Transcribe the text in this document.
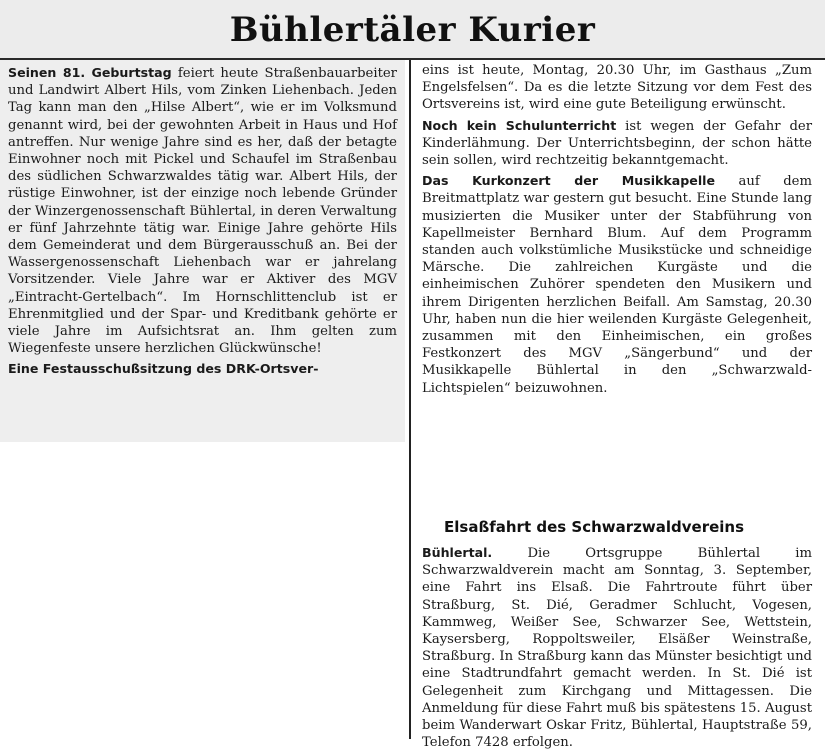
Bühlertäler Kurier

Seinen 81. Geburtstag feiert heute Straßenbauarbeiter und Landwirt Albert Hils, vom Zinken Liehenbach. Jeden Tag kann man den „Hilse Albert“, wie er im Volksmund genannt wird, bei der gewohnten Arbeit in Haus und Hof antreffen. Nur wenige Jahre sind es her, daß der betagte Einwohner noch mit Pickel und Schaufel im Straßenbau des südlichen Schwarzwaldes tätig war. Albert Hils, der rüstige Einwohner, ist der einzige noch lebende Gründer der Winzergenossenschaft Bühlertal, in deren Verwaltung er fünf Jahrzehnte tätig war. Einige Jahre gehörte Hils dem Gemeinderat und dem Bürgerausschuß an. Bei der Wassergenossenschaft Liehenbach war er jahrelang Vorsitzender. Viele Jahre war er Aktiver des MGV „Eintracht-Gertelbach“. Im Hornschlittenclub ist er Ehrenmitglied und der Spar- und Kreditbank gehörte er viele Jahre im Aufsichtsrat an. Ihm gelten zum Wiegenfeste unsere herzlichen Glückwünsche!

Eine Festausschußsitzung des DRK-Ortsver-

eins ist heute, Montag, 20.30 Uhr, im Gasthaus „Zum Engelsfelsen“. Da es die letzte Sitzung vor dem Fest des Ortsvereins ist, wird eine gute Beteiligung erwünscht.

Noch kein Schulunterricht ist wegen der Gefahr der Kinderlähmung. Der Unterrichtsbeginn, der schon hätte sein sollen, wird rechtzeitig bekanntgemacht.

Das Kurkonzert der Musikkapelle auf dem Breitmattplatz war gestern gut besucht. Eine Stunde lang musizierten die Musiker unter der Stabführung von Kapellmeister Bernhard Blum. Auf dem Programm standen auch volkstümliche Musikstücke und schneidige Märsche. Die zahlreichen Kurgäste und die einheimischen Zuhörer spendeten den Musikern und ihrem Dirigenten herzlichen Beifall. Am Samstag, 20.30 Uhr, haben nun die hier weilenden Kurgäste Gelegenheit, zusammen mit den Einheimischen, ein großes Festkonzert des MGV „Sängerbund“ und der Musikkapelle Bühlertal in den „Schwarzwald-Lichtspielen“ beizuwohnen.

Elsaßfahrt des Schwarzwaldvereins

Bühlertal. Die Ortsgruppe Bühlertal im Schwarzwaldverein macht am Sonntag, 3. September, eine Fahrt ins Elsaß. Die Fahrtroute führt über Straßburg, St. Dié, Geradmer Schlucht, Vogesen, Kammweg, Weißer See, Schwarzer See, Wettstein, Kaysersberg, Roppoltsweiler, Elsäßer Weinstraße, Straßburg. In Straßburg kann das Münster besichtigt und eine Stadtrundfahrt gemacht werden. In St. Dié ist Gelegenheit zum Kirchgang und Mittagessen. Die Anmeldung für diese Fahrt muß bis spätestens 15. August beim Wanderwart Oskar Fritz, Bühlertal, Hauptstraße 59, Telefon 7428 erfolgen.
